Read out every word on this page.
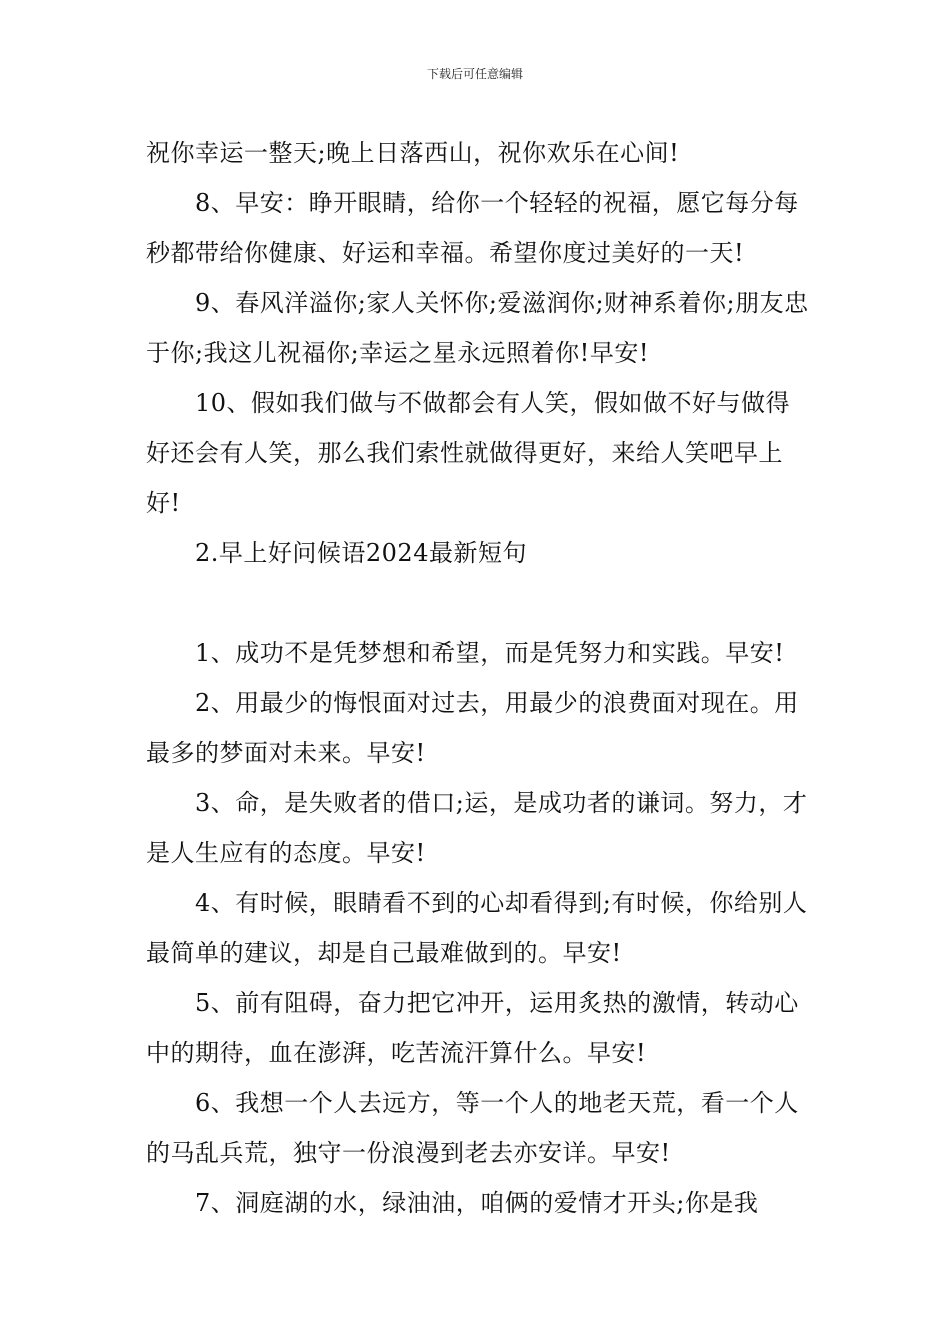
下载后可任意编辑

祝你幸运一整天;晚上日落西山，祝你欢乐在心间!

8、早安：睁开眼睛，给你一个轻轻的祝福，愿它每分每秒都带给你健康、好运和幸福。希望你度过美好的一天!

9、春风洋溢你;家人关怀你;爱滋润你;财神系着你;朋友忠于你;我这儿祝福你;幸运之星永远照着你!早安!

10、假如我们做与不做都会有人笑，假如做不好与做得好还会有人笑，那么我们索性就做得更好，来给人笑吧早上好!

2.早上好问候语2024最新短句

1、成功不是凭梦想和希望，而是凭努力和实践。早安!

2、用最少的悔恨面对过去，用最少的浪费面对现在。用最多的梦面对未来。早安!

3、命，是失败者的借口;运，是成功者的谦词。努力，才是人生应有的态度。早安!

4、有时候，眼睛看不到的心却看得到;有时候，你给别人最简单的建议，却是自己最难做到的。早安!

5、前有阻碍，奋力把它冲开，运用炙热的激情，转动心中的期待，血在澎湃，吃苦流汗算什么。早安!

6、我想一个人去远方，等一个人的地老天荒，看一个人的马乱兵荒，独守一份浪漫到老去亦安详。早安!

7、洞庭湖的水，绿油油，咱俩的爱情才开头;你是我
